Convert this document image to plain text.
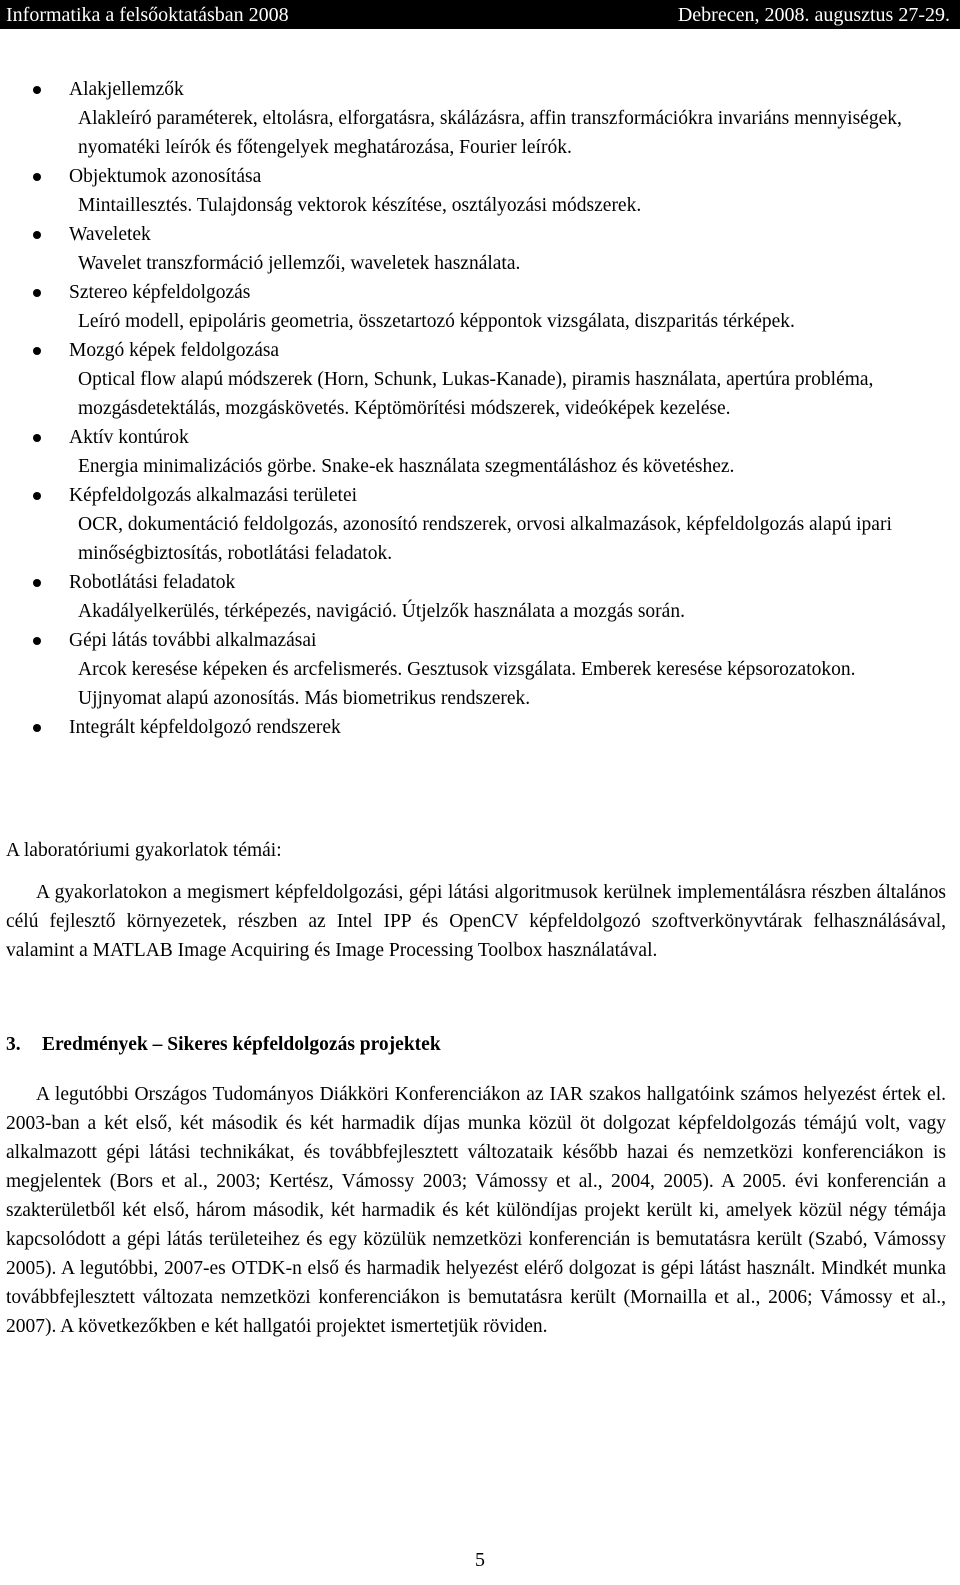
Informatika a felsőoktatásban 2008	Debrecen, 2008. augusztus 27-29.
Alakjellemzők
Alakleíró paraméterek, eltolásra, elforgatásra, skálázásra, affin transzformációkra invariáns mennyiségek, nyomatéki leírók és főtengelyek meghatározása, Fourier leírók.
Objektumok azonosítása
Mintaillesztés. Tulajdonság vektorok készítése, osztályozási módszerek.
Waveletek
Wavelet transzformáció jellemzői, waveletek használata.
Sztereo képfeldolgozás
Leíró modell, epipoláris geometria, összetartozó képpontok vizsgálata, diszparitás térképek.
Mozgó képek feldolgozása
Optical flow alapú módszerek (Horn, Schunk, Lukas-Kanade), piramis használata, apertúra probléma, mozgásdetektálás, mozgáskövetés. Képtömörítési módszerek, videóképek kezelése.
Aktív kontúrok
Energia minimalizációs görbe. Snake-ek használata szegmentáláshoz és követéshez.
Képfeldolgozás alkalmazási területei
OCR, dokumentáció feldolgozás, azonosító rendszerek, orvosi alkalmazások, képfeldolgozás alapú ipari minőségbiztosítás, robotlátási feladatok.
Robotlátási feladatok
Akadályelkerülés, térképezés, navigáció. Útjelzők használata a mozgás során.
Gépi látás további alkalmazásai
Arcok keresése képeken és arcfelismerés. Gesztusok vizsgálata. Emberek keresése képsorozatokon. Ujjnyomat alapú azonosítás. Más biometrikus rendszerek.
Integrált képfeldolgozó rendszerek
A laboratóriumi gyakorlatok témái:

A gyakorlatokon a megismert képfeldolgozási, gépi látási algoritmusok kerülnek implementálásra részben általános célú fejlesztő környezetek, részben az Intel IPP és OpenCV képfeldolgozó szoftverkönyvtárak felhasználásával, valamint a MATLAB Image Acquiring és Image Processing Toolbox használatával.

3. Eredmények – Sikeres képfeldolgozás projektek

A legutóbbi Országos Tudományos Diákköri Konferenciákon az IAR szakos hallgatóink számos helyezést értek el. 2003-ban a két első, két második és két harmadik díjas munka közül öt dolgozat képfeldolgozás témájú volt, vagy alkalmazott gépi látási technikákat, és továbbfejlesztett változataik később hazai és nemzetközi konferenciákon is megjelentek (Bors et al., 2003; Kertész, Vámossy 2003; Vámossy et al., 2004, 2005). A 2005. évi konferencián a szakterületből két első, három második, két harmadik és két különdíjas projekt került ki, amelyek közül négy témája kapcsolódott a gépi látás területeihez és egy közülük nemzetközi konferencián is bemutatásra került (Szabó, Vámossy 2005). A legutóbbi, 2007-es OTDK-n első és harmadik helyezést elérő dolgozat is gépi látást használt. Mindkét munka továbbfejlesztett változata nemzetközi konferenciákon is bemutatásra került (Mornailla et al., 2006; Vámossy et al., 2007). A következőkben e két hallgatói projektet ismertetjük röviden.

5
